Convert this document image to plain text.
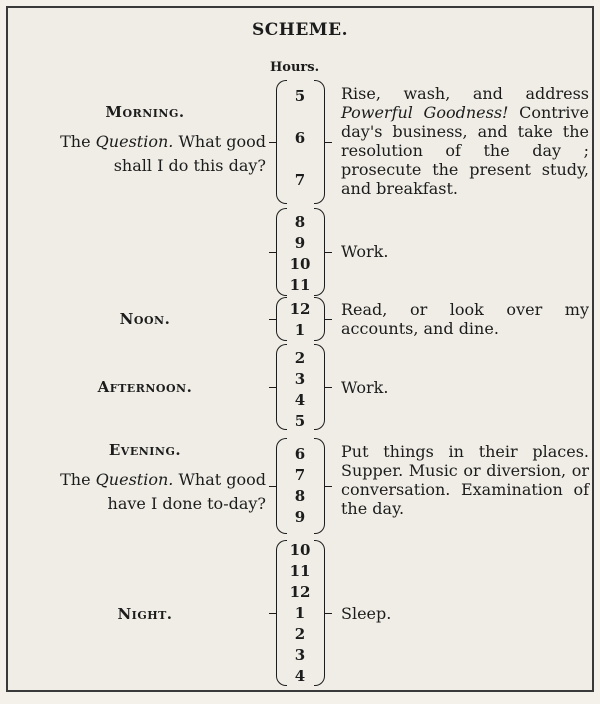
SCHEME.
Hours.
Morning.
The Question. What good shall I do this day?
5
6
7
Rise, wash, and address Powerful Goodness! Contrive day's business, and take the resolution of the day ; prosecute the present study, and breakfast.
8
9
10
11
Work.
Noon.
12
1
Read, or look over my accounts, and dine.
Afternoon.
2
3
4
5
Work.
Evening.
The Question. What good have I done to-day?
6
7
8
9
Put things in their places. Supper. Music or diversion, or conversation. Examination of the day.
Night.
10
11
12
1
2
3
4
Sleep.
